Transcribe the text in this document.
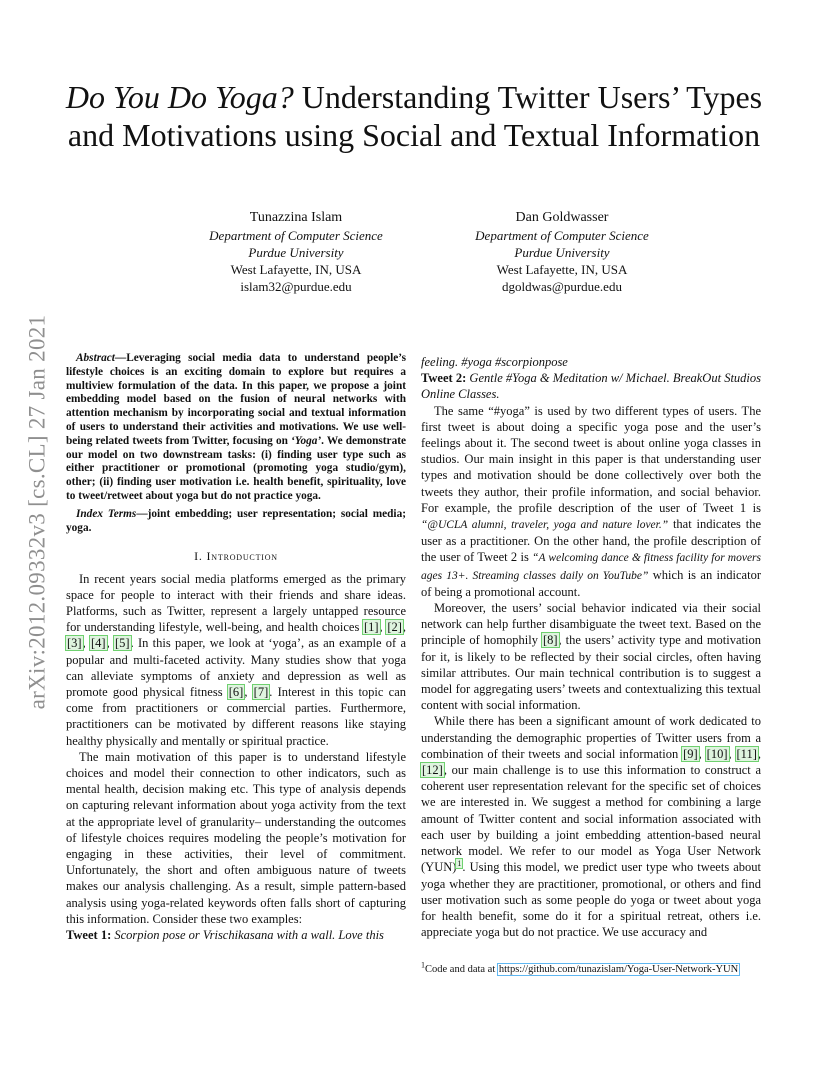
arXiv:2012.09332v3 [cs.CL] 27 Jan 2021
Do You Do Yoga? Understanding Twitter Users’ Types and Motivations using Social and Textual Information
Tunazzina Islam
Department of Computer Science
Purdue University
West Lafayette, IN, USA
islam32@purdue.edu
Dan Goldwasser
Department of Computer Science
Purdue University
West Lafayette, IN, USA
dgoldwas@purdue.edu

Abstract—Leveraging social media data to understand people’s lifestyle choices is an exciting domain to explore but requires a multiview formulation of the data. In this paper, we propose a joint embedding model based on the fusion of neural networks with attention mechanism by incorporating social and textual information of users to understand their activities and motivations. We use well-being related tweets from Twitter, focusing on ‘Yoga’. We demonstrate our model on two downstream tasks: (i) finding user type such as either practitioner or promotional (promoting yoga studio/gym), other; (ii) finding user motivation i.e. health benefit, spirituality, love to tweet/retweet about yoga but do not practice yoga.

Index Terms—joint embedding; user representation; social media; yoga.

I. Introduction

In recent years social media platforms emerged as the primary space for people to interact with their friends and share ideas. Platforms, such as Twitter, represent a largely untapped resource for understanding lifestyle, well-being, and health choices [1], [2], [3], [4], [5]. In this paper, we look at ‘yoga’, as an example of a popular and multi-faceted activity. Many studies show that yoga can alleviate symptoms of anxiety and depression as well as promote good physical fitness [6], [7]. Interest in this topic can come from practitioners or commercial parties. Furthermore, practitioners can be motivated by different reasons like staying healthy physically and mentally or spiritual practice.

The main motivation of this paper is to understand lifestyle choices and model their connection to other indicators, such as mental health, decision making etc. This type of analysis depends on capturing relevant information about yoga activity from the text at the appropriate level of granularity– understanding the outcomes of lifestyle choices requires modeling the people’s motivation for engaging in these activities, their level of commitment. Unfortunately, the short and often ambiguous nature of tweets makes our analysis challenging. As a result, simple pattern-based analysis using yoga-related keywords often falls short of capturing this information. Consider these two examples:

Tweet 1: Scorpion pose or Vrischikasana with a wall. Love this

feeling. #yoga #scorpionpose

Tweet 2: Gentle #Yoga & Meditation w/ Michael. BreakOut Studios Online Classes.

The same “#yoga” is used by two different types of users. The first tweet is about doing a specific yoga pose and the user’s feelings about it. The second tweet is about online yoga classes in studios. Our main insight in this paper is that understanding user types and motivation should be done collectively over both the tweets they author, their profile information, and social behavior. For example, the profile description of the user of Tweet 1 is “@UCLA alumni, traveler, yoga and nature lover.” that indicates the user as a practitioner. On the other hand, the profile description of the user of Tweet 2 is “A welcoming dance & fitness facility for movers ages 13+. Streaming classes daily on YouTube” which is an indicator of being a promotional account.

Moreover, the users’ social behavior indicated via their social network can help further disambiguate the tweet text. Based on the principle of homophily [8], the users’ activity type and motivation for it, is likely to be reflected by their social circles, often having similar attributes. Our main technical contribution is to suggest a model for aggregating users’ tweets and contextualizing this textual content with social information.

While there has been a significant amount of work dedicated to understanding the demographic properties of Twitter users from a combination of their tweets and social information [9], [10], [11], [12], our main challenge is to use this information to construct a coherent user representation relevant for the specific set of choices we are interested in. We suggest a method for combining a large amount of Twitter content and social information associated with each user by building a joint embedding attention-based neural network model. We refer to our model as Yoga User Network (YUN)$^1$. Using this model, we predict user type who tweets about yoga whether they are practitioner, promotional, or others and find user motivation such as some people do yoga or tweet about yoga for health benefit, some do it for a spiritual retreat, others i.e. appreciate yoga but do not practice. We use accuracy and

$^1$Code and data at https://github.com/tunazislam/Yoga-User-Network-YUN
